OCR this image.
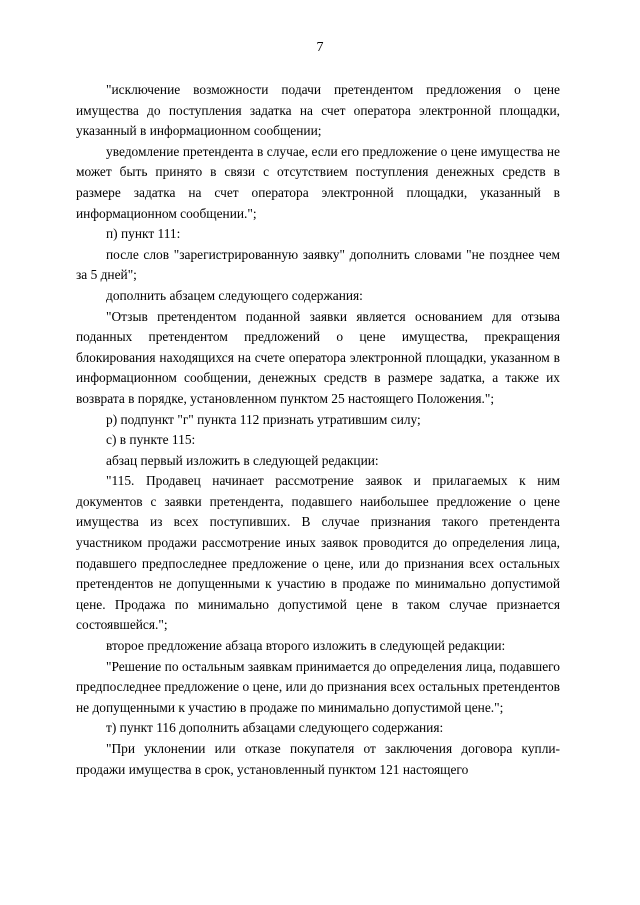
7

"исключение возможности подачи претендентом предложения о цене имущества до поступления задатка на счет оператора электронной площадки, указанный в информационном сообщении;

уведомление претендента в случае, если его предложение о цене имущества не может быть принято в связи с отсутствием поступления денежных средств в размере задатка на счет оператора электронной площадки, указанный в информационном сообщении.";

п) пункт 111:

после слов "зарегистрированную заявку" дополнить словами "не позднее чем за 5 дней";

дополнить абзацем следующего содержания:

"Отзыв претендентом поданной заявки является основанием для отзыва поданных претендентом предложений о цене имущества, прекращения блокирования находящихся на счете оператора электронной площадки, указанном в информационном сообщении, денежных средств в размере задатка, а также их возврата в порядке, установленном пунктом 25 настоящего Положения.";

р) подпункт "г" пункта 112 признать утратившим силу;

с) в пункте 115:

абзац первый изложить в следующей редакции:

"115. Продавец начинает рассмотрение заявок и прилагаемых к ним документов с заявки претендента, подавшего наибольшее предложение о цене имущества из всех поступивших. В случае признания такого претендента участником продажи рассмотрение иных заявок проводится до определения лица, подавшего предпоследнее предложение о цене, или до признания всех остальных претендентов не допущенными к участию в продаже по минимально допустимой цене. Продажа по минимально допустимой цене в таком случае признается состоявшейся.";

второе предложение абзаца второго изложить в следующей редакции:

"Решение по остальным заявкам принимается до определения лица, подавшего предпоследнее предложение о цене, или до признания всех остальных претендентов не допущенными к участию в продаже по минимально допустимой цене.";

т) пункт 116 дополнить абзацами следующего содержания:

"При уклонении или отказе покупателя от заключения договора купли-продажи имущества в срок, установленный пунктом 121 настоящего
